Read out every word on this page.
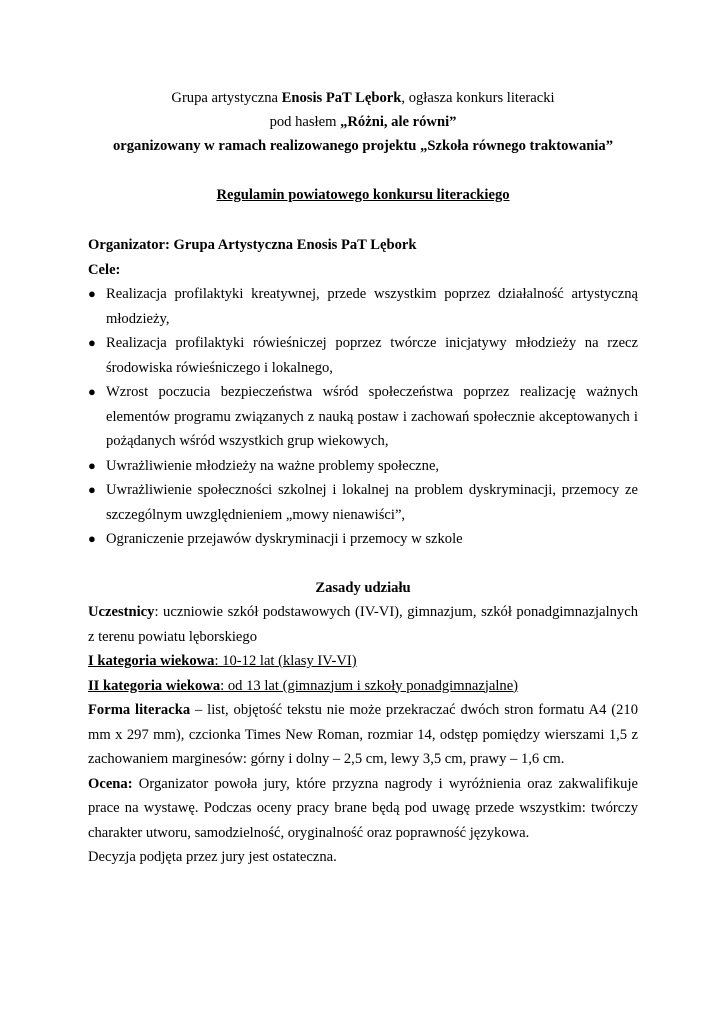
Grupa artystyczna Enosis PaT Lębork, ogłasza konkurs literacki

pod hasłem „Różni, ale równi”

organizowany w ramach realizowanego projektu „Szkoła równego traktowania”

Regulamin powiatowego konkursu literackiego

Organizator: Grupa Artystyczna Enosis PaT Lębork

Cele:

● Realizacja profilaktyki kreatywnej, przede wszystkim poprzez działalność artystyczną młodzieży,
● Realizacja profilaktyki rówieśniczej poprzez twórcze inicjatywy młodzieży na rzecz środowiska rówieśniczego i lokalnego,
● Wzrost poczucia bezpieczeństwa wśród społeczeństwa poprzez realizację ważnych elementów programu związanych z nauką postaw i zachowań społecznie akceptowanych i pożądanych wśród wszystkich grup wiekowych,
● Uwrażliwienie młodzieży na ważne problemy społeczne,
● Uwrażliwienie społeczności szkolnej i lokalnej na problem dyskryminacji, przemocy ze szczególnym uwzględnieniem „mowy nienawiści”,
● Ograniczenie przejawów dyskryminacji i przemocy w szkole

Zasady udziału

Uczestnicy: uczniowie szkół podstawowych (IV-VI), gimnazjum, szkół ponadgimnazjalnych z terenu powiatu lęborskiego

I kategoria wiekowa: 10-12 lat (klasy IV-VI)

II kategoria wiekowa: od 13 lat (gimnazjum i szkoły ponadgimnazjalne)

Forma literacka – list, objętość tekstu nie może przekraczać dwóch stron formatu A4 (210 mm x 297 mm), czcionka Times New Roman, rozmiar 14, odstęp pomiędzy wierszami 1,5 z zachowaniem marginesów: górny i dolny – 2,5 cm, lewy 3,5 cm, prawy – 1,6 cm.

Ocena: Organizator powoła jury, które przyzna nagrody i wyróżnienia oraz zakwalifikuje prace na wystawę. Podczas oceny pracy brane będą pod uwagę przede wszystkim: twórczy charakter utworu, samodzielność, oryginalność oraz poprawność językowa.

Decyzja podjęta przez jury jest ostateczna.
